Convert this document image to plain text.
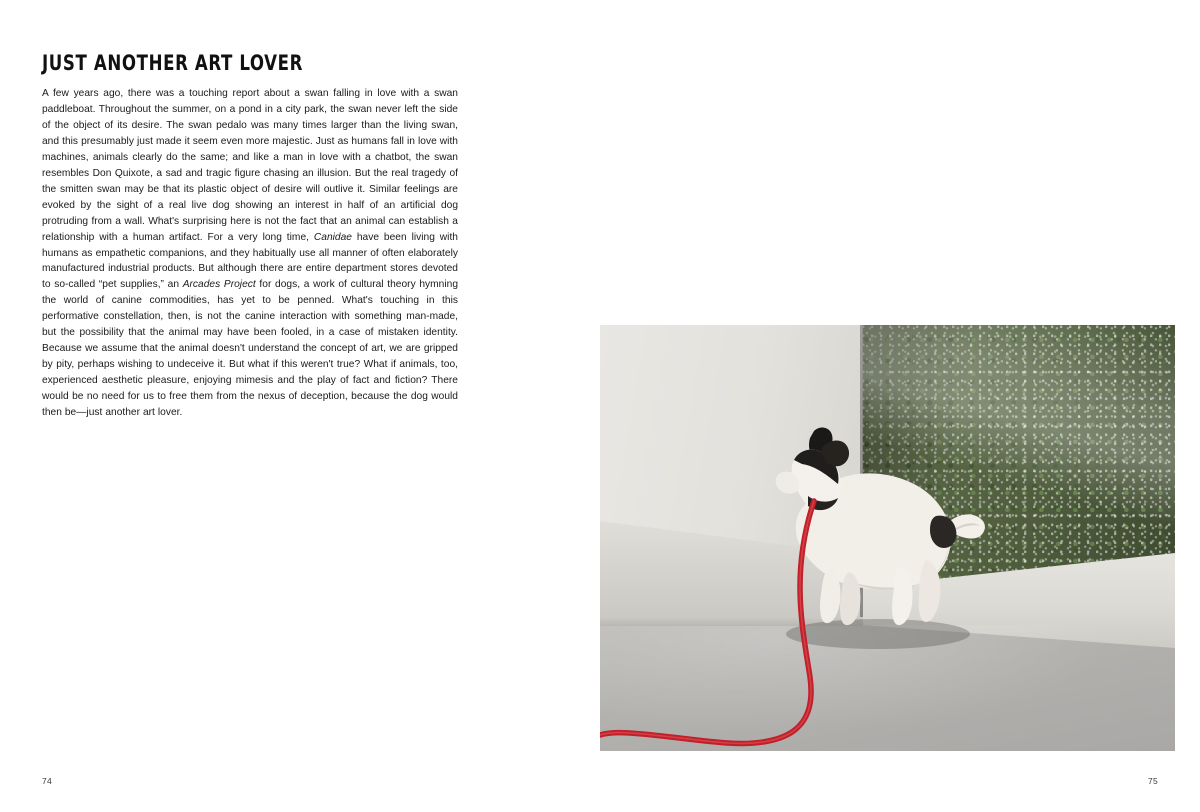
JUST ANOTHER ART LOVER
A few years ago, there was a touching report about a swan falling in love with a swan paddleboat. Throughout the summer, on a pond in a city park, the swan never left the side of the object of its desire. The swan pedalo was many times larger than the living swan, and this presumably just made it seem even more majestic. Just as humans fall in love with machines, animals clearly do the same; and like a man in love with a chatbot, the swan resembles Don Quixote, a sad and tragic figure chasing an illusion. But the real tragedy of the smitten swan may be that its plastic object of desire will outlive it. Similar feelings are evoked by the sight of a real live dog showing an interest in half of an artificial dog protruding from a wall. What's surprising here is not the fact that an animal can establish a relationship with a human artifact. For a very long time, Canidae have been living with humans as empathetic companions, and they habitually use all manner of often elaborately manufactured industrial products. But although there are entire department stores devoted to so-called “pet supplies,” an Arcades Project for dogs, a work of cultural theory hymning the world of canine commodities, has yet to be penned. What's touching in this performative constellation, then, is not the canine interaction with something man-made, but the possibility that the animal may have been fooled, in a case of mistaken identity. Because we assume that the animal doesn't understand the concept of art, we are gripped by pity, perhaps wishing to undeceive it. But what if this weren't true? What if animals, too, experienced aesthetic pleasure, enjoying mimesis and the play of fact and fiction? There would be no need for us to free them from the nexus of deception, because the dog would then be—just another art lover.
74	75
